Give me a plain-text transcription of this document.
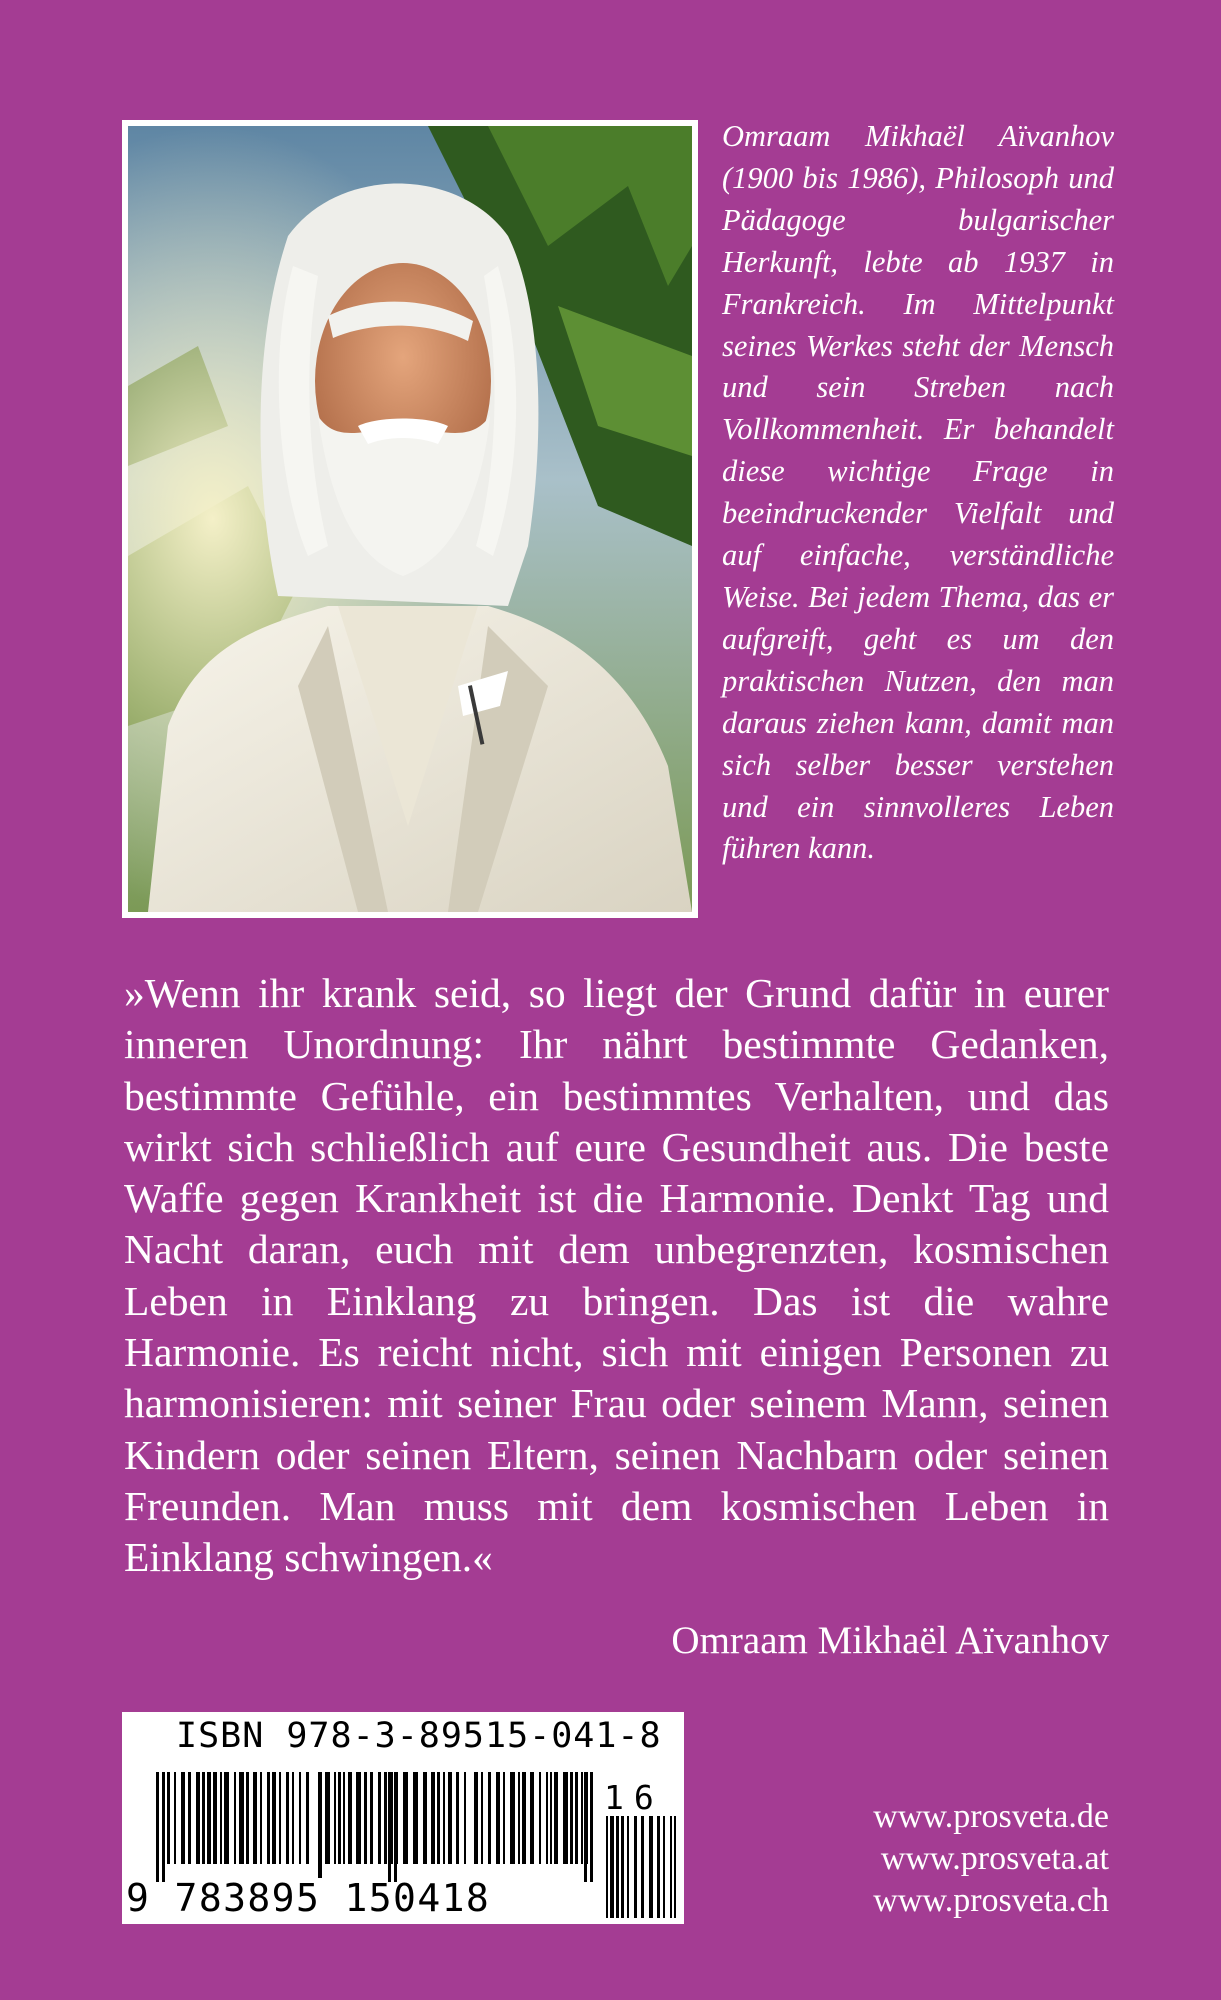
Omraam Mikhaël Aïvanhov (1900 bis 1986), Philosoph und Pädagoge bulgarischer Herkunft, lebte ab 1937 in Frankreich. Im Mittelpunkt seines Werkes steht der Mensch und sein Streben nach Vollkommenheit. Er behandelt diese wichtige Frage in beeindruckender Vielfalt und auf einfache, verständliche Weise. Bei jedem Thema, das er aufgreift, geht es um den praktischen Nutzen, den man daraus ziehen kann, damit man sich selber besser verstehen und ein sinnvolleres Leben führen kann.

»Wenn ihr krank seid, so liegt der Grund dafür in eurer inneren Unordnung: Ihr nährt bestimmte Gedanken, bestimmte Gefühle, ein bestimmtes Verhalten, und das wirkt sich schließlich auf eure Gesundheit aus. Die beste Waffe gegen Krankheit ist die Harmonie. Denkt Tag und Nacht daran, euch mit dem unbegrenzten, kosmischen Leben in Einklang zu bringen. Das ist die wahre Harmonie. Es reicht nicht, sich mit einigen Personen zu harmonisieren: mit seiner Frau oder seinem Mann, seinen Kindern oder seinen Eltern, seinen Nachbarn oder seinen Freunden. Man muss mit dem kosmischen Leben in Einklang schwingen.«

Omraam Mikhaël Aïvanhov
ISBN 978-3-89515-041-8
16
9 783895 150418
www.prosveta.de
www.prosveta.at
www.prosveta.ch
